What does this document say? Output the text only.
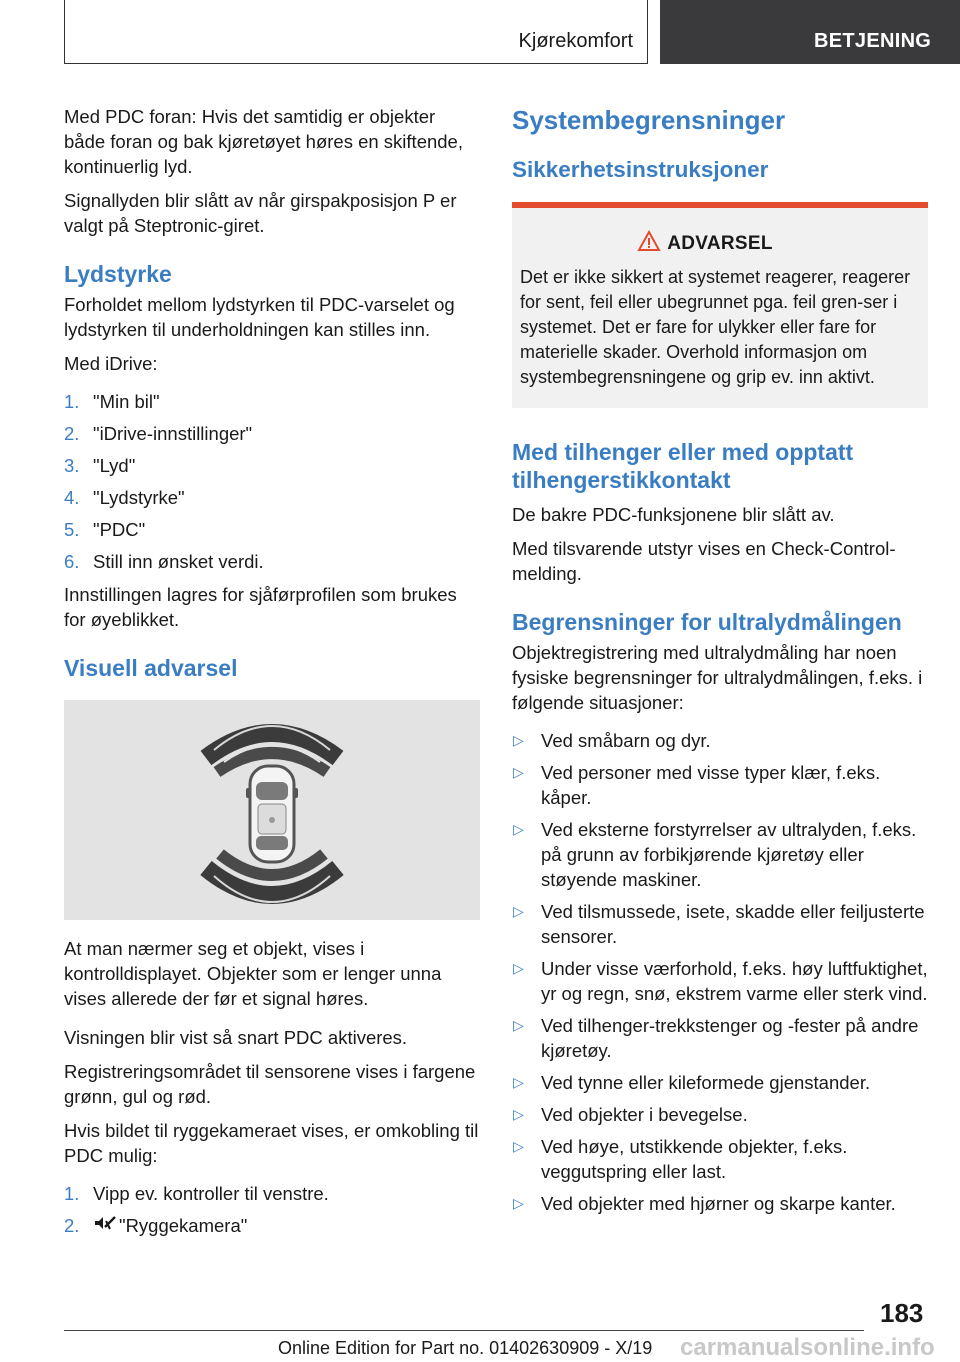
Kjørekomfort	BETJENING

Med PDC foran: Hvis det samtidig er objekter både foran og bak kjøretøyet høres en skiftende, kontinuerlig lyd.

Signallyden blir slått av når girspakposisjon P er valgt på Steptronic-giret.

Lydstyrke

Forholdet mellom lydstyrken til PDC-varselet og lydstyrken til underholdningen kan stilles inn.

Med iDrive:

1. "Min bil"
2. "iDrive-innstillinger"
3. "Lyd"
4. "Lydstyrke"
5. "PDC"
6. Still inn ønsket verdi.

Innstillingen lagres for sjåførprofilen som brukes for øyeblikket.

Visuell advarsel

At man nærmer seg et objekt, vises i kontrolldisplayet. Objekter som er lenger unna vises allerede der før et signal høres.

Visningen blir vist så snart PDC aktiveres.

Registreringsområdet til sensorene vises i fargene grønn, gul og rød.

Hvis bildet til ryggekameraet vises, er omkobling til PDC mulig:

1. Vipp ev. kontroller til venstre.
2. "Ryggekamera"
Systembegrensninger
Sikkerhetsinstruksjoner
ADVARSEL

Det er ikke sikkert at systemet reagerer, reagerer for sent, feil eller ubegrunnet pga. feil gren-ser i systemet. Det er fare for ulykker eller fare for materielle skader. Overhold informasjon om systembegrensningene og grip ev. inn aktivt.

Med tilhenger eller med opptatt tilhengerstikkontakt

De bakre PDC-funksjonene blir slått av.

Med tilsvarende utstyr vises en Check-Control-melding.

Begrensninger for ultralydmålingen

Objektregistrering med ultralydmåling har noen fysiske begrensninger for ultralydmålingen, f.eks. i følgende situasjoner:

▷ Ved småbarn og dyr.
▷ Ved personer med visse typer klær, f.eks. kåper.
▷ Ved eksterne forstyrrelser av ultralyden, f.eks. på grunn av forbikjørende kjøretøy eller støyende maskiner.
▷ Ved tilsmussede, isete, skadde eller feiljusterte sensorer.
▷ Under visse værforhold, f.eks. høy luftfuktighet, yr og regn, snø, ekstrem varme eller sterk vind.
▷ Ved tilhenger-trekkstenger og -fester på andre kjøretøy.
▷ Ved tynne eller kileformede gjenstander.
▷ Ved objekter i bevegelse.
▷ Ved høye, utstikkende objekter, f.eks. veggutspring eller last.
▷ Ved objekter med hjørner og skarpe kanter.
183
carmanualsonline.info
Online Edition for Part no. 01402630909 - X/19
